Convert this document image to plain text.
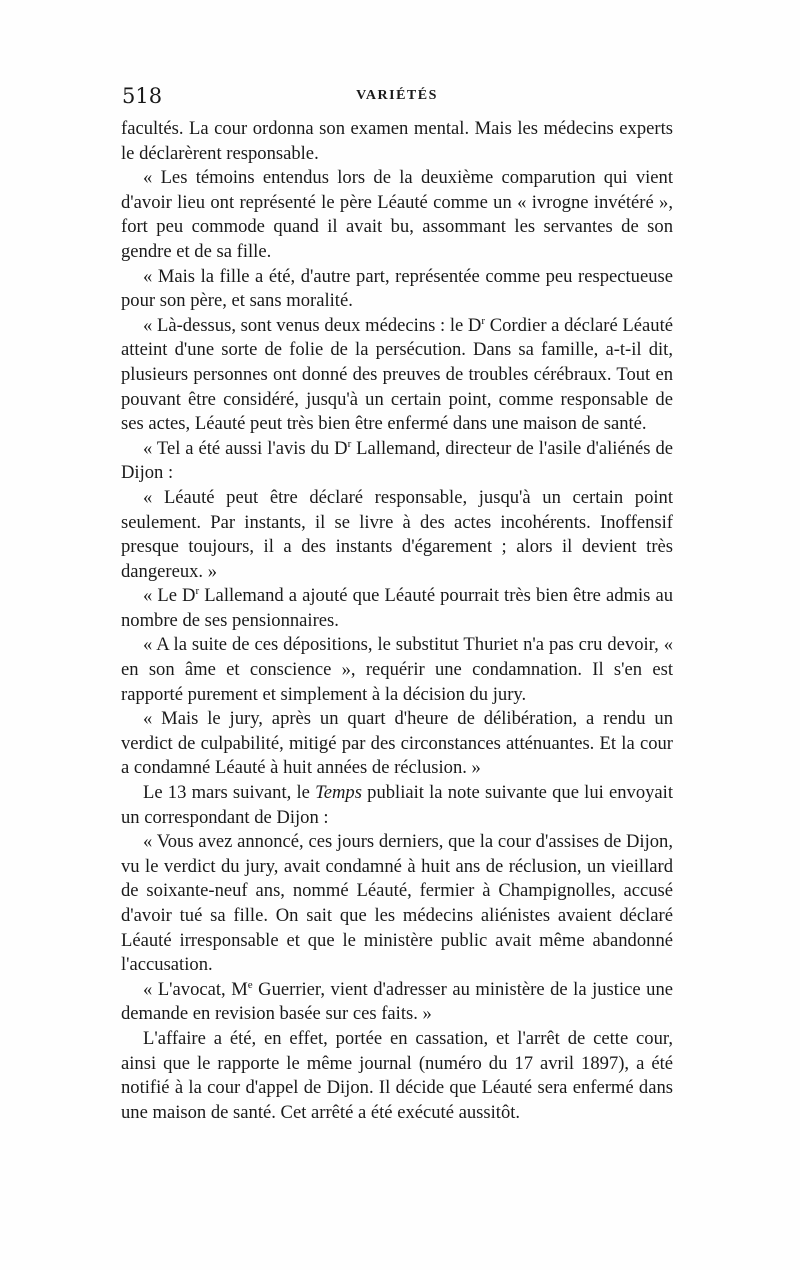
518	VARIÉTÉS

facultés. La cour ordonna son examen mental. Mais les médecins experts le déclarèrent responsable.

« Les témoins entendus lors de la deuxième comparution qui vient d'avoir lieu ont représenté le père Léauté comme un « ivrogne invétéré », fort peu commode quand il avait bu, assommant les servantes de son gendre et de sa fille.

« Mais la fille a été, d'autre part, représentée comme peu respectueuse pour son père, et sans moralité.

« Là-dessus, sont venus deux médecins : le $D^r$ Cordier a déclaré Léauté atteint d'une sorte de folie de la persécution. Dans sa famille, a-t-il dit, plusieurs personnes ont donné des preuves de troubles cérébraux. Tout en pouvant être considéré, jusqu'à un certain point, comme responsable de ses actes, Léauté peut très bien être enfermé dans une maison de santé.

« Tel a été aussi l'avis du $D^r$ Lallemand, directeur de l'asile d'aliénés de Dijon :

« Léauté peut être déclaré responsable, jusqu'à un certain point seulement. Par instants, il se livre à des actes incohérents. Inoffensif presque toujours, il a des instants d'égarement ; alors il devient très dangereux. »

« Le $D^r$ Lallemand a ajouté que Léauté pourrait très bien être admis au nombre de ses pensionnaires.

« A la suite de ces dépositions, le substitut Thuriet n'a pas cru devoir, « en son âme et conscience », requérir une condamnation. Il s'en est rapporté purement et simplement à la décision du jury.

« Mais le jury, après un quart d'heure de délibération, a rendu un verdict de culpabilité, mitigé par des circonstances atténuantes. Et la cour a condamné Léauté à huit années de réclusion. »

Le 13 mars suivant, le Temps publiait la note suivante que lui envoyait un correspondant de Dijon :

« Vous avez annoncé, ces jours derniers, que la cour d'assises de Dijon, vu le verdict du jury, avait condamné à huit ans de réclusion, un vieillard de soixante-neuf ans, nommé Léauté, fermier à Champignolles, accusé d'avoir tué sa fille. On sait que les médecins aliénistes avaient déclaré Léauté irresponsable et que le ministère public avait même abandonné l'accusation.

« L'avocat, Me Guerrier, vient d'adresser au ministère de la justice une demande en revision basée sur ces faits. »

L'affaire a été, en effet, portée en cassation, et l'arrêt de cette cour, ainsi que le rapporte le même journal (numéro du 17 avril 1897), a été notifié à la cour d'appel de Dijon. Il décide que Léauté sera enfermé dans une maison de santé. Cet arrêté a été exécuté aussitôt.
